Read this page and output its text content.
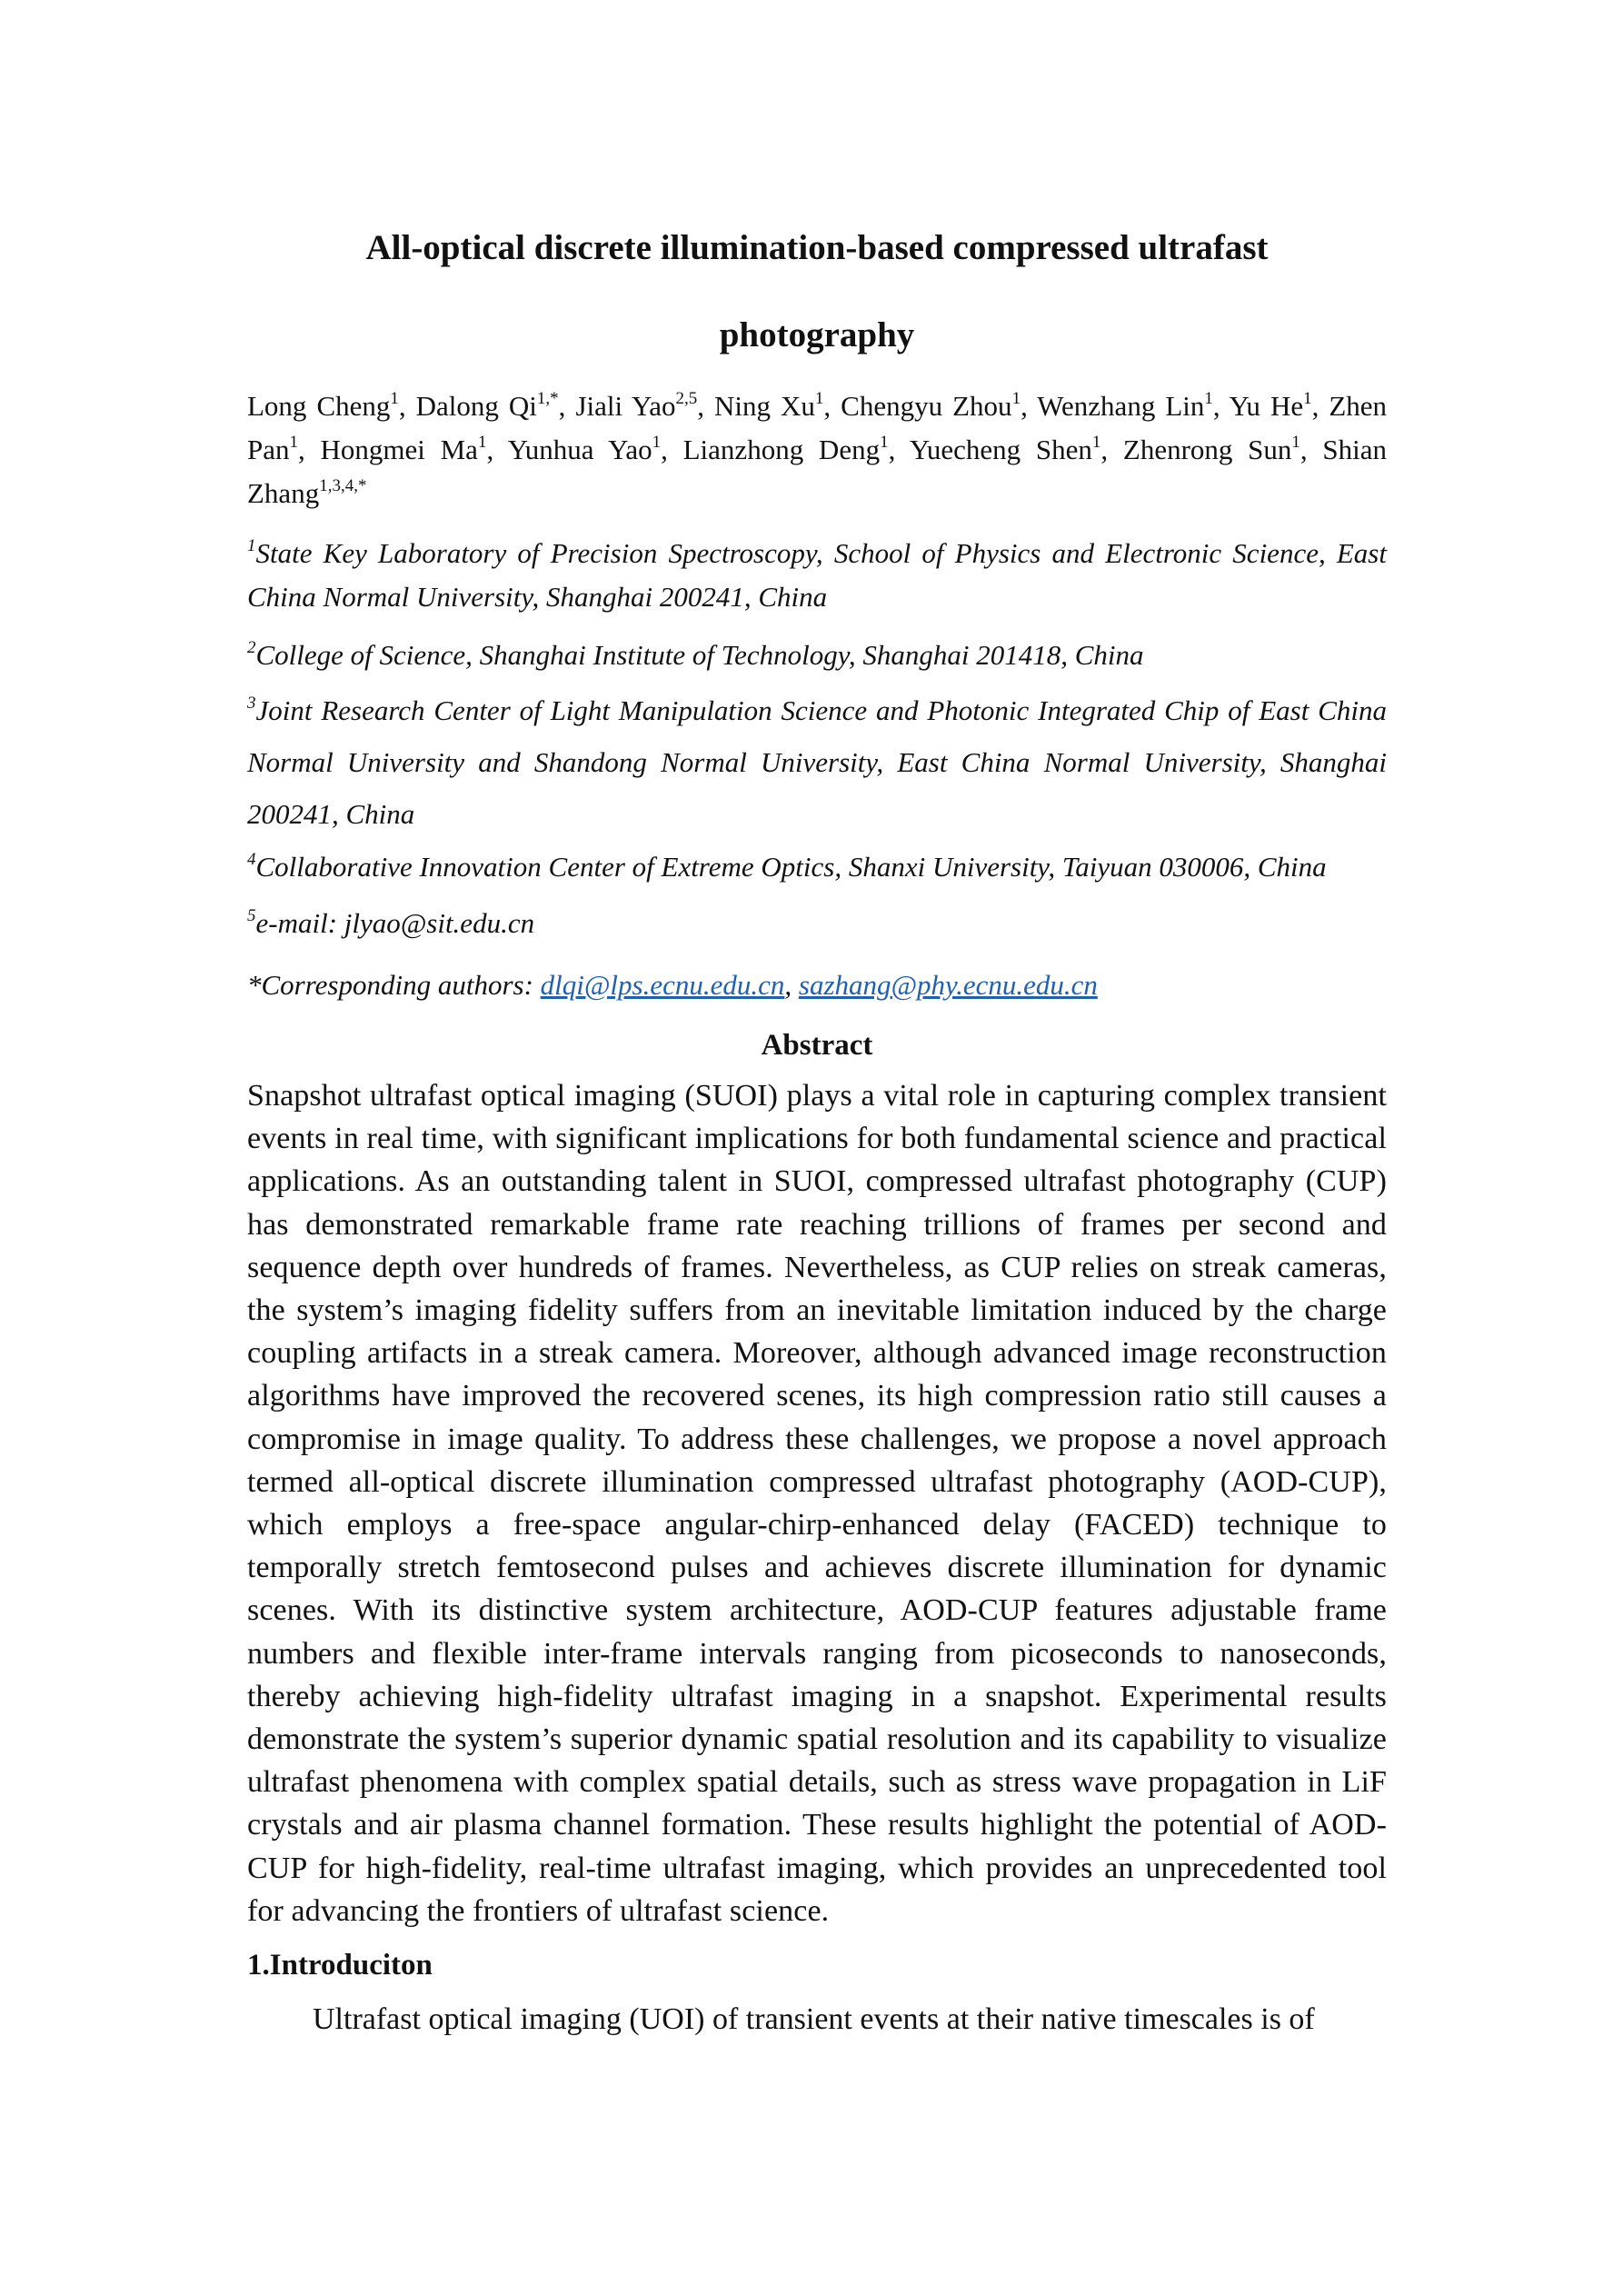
All-optical discrete illumination-based compressed ultrafast
photography
Long Cheng$^1$, Dalong $Qi^{1,*}$, Jiali Yao$^{2,5}$, Ning Xu$^1$, Chengyu Zhou$^1$, Wenzhang Lin$^1$, Yu He$^1$, Zhen Pan$^1$, Hongmei Ma$^1$, Yunhua Yao$^1$, Lianzhong Deng$^1$, Yuecheng Shen$^1$, Zhenrong Sun$^1$, Shian Zhang$^{1,3,4,*}$
$^1$State Key Laboratory of Precision Spectroscopy, School of Physics and Electronic Science, East China Normal University, Shanghai 200241, China
$^2$College of Science, Shanghai Institute of Technology, Shanghai 201418, China
$^3$Joint Research Center of Light Manipulation Science and Photonic Integrated Chip of East China Normal University and Shandong Normal University, East China Normal University, Shanghai 200241, China
$^4$Collaborative Innovation Center of Extreme Optics, Shanxi University, Taiyuan 030006, China
$^5$e-mail: jlyao@sit.edu.cn
*Corresponding authors: dlqi@lps.ecnu.edu.cn, sazhang@phy.ecnu.edu.cn
Abstract
Snapshot ultrafast optical imaging (SUOI) plays a vital role in capturing complex transient events in real time, with significant implications for both fundamental science and practical applications. As an outstanding talent in SUOI, compressed ultrafast photography (CUP) has demonstrated remarkable frame rate reaching trillions of frames per second and sequence depth over hundreds of frames. Nevertheless, as CUP relies on streak cameras, the system’s imaging fidelity suffers from an inevitable limitation induced by the charge coupling artifacts in a streak camera. Moreover, although advanced image reconstruction algorithms have improved the recovered scenes, its high compression ratio still causes a compromise in image quality. To address these challenges, we propose a novel approach termed all-optical discrete illumination compressed ultrafast photography (AOD-CUP), which employs a free-space angular-chirp-enhanced delay (FACED) technique to temporally stretch femtosecond pulses and achieves discrete illumination for dynamic scenes. With its distinctive system architecture, AOD-CUP features adjustable frame numbers and flexible inter-frame intervals ranging from picoseconds to nanoseconds, thereby achieving high-fidelity ultrafast imaging in a snapshot. Experimental results demonstrate the system’s superior dynamic spatial resolution and its capability to visualize ultrafast phenomena with complex spatial details, such as stress wave propagation in LiF crystals and air plasma channel formation. These results highlight the potential of AOD-CUP for high-fidelity, real-time ultrafast imaging, which provides an unprecedented tool for advancing the frontiers of ultrafast science.
1.Introduciton
Ultrafast optical imaging (UOI) of transient events at their native timescales is of
